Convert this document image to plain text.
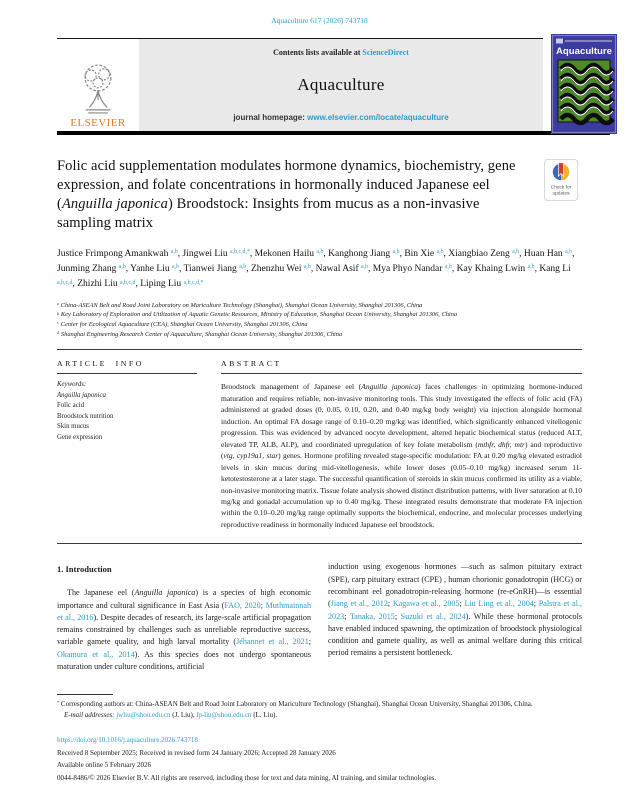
Aquaculture 617 (2026) 743718
ELSEVIER
Contents lists available at ScienceDirect
Aquaculture
journal homepage: www.elsevier.com/locate/aquaculture
Aquaculture
Folic acid supplementation modulates hormone dynamics, biochemistry, gene expression, and folate concentrations in hormonally induced Japanese eel (Anguilla japonica) Broodstock: Insights from mucus as a non-invasive sampling matrix
Check for
updates
Justice Frimpong Amankwah $^{a,b}$, Jingwei Liu $^{a,b,c,d,*}$, Mekonen Hailu $^{a,b}$, Kanghong Jiang $^{a,b}$, Bin Xie $^{a,b}$, Xiangbiao Zeng $^{a,b}$, Huan Han $^{a,b}$, Junming Zhang $^{a,b}$, Yanhe Liu $^{a,b}$, Tianwei Jiang $^{a,b}$, Zhenzhu Wei $^{a,b}$, Nawal Asif $^{a,b}$, Mya Phyo Nandar $^{a,b}$, Kay Khaing Lwin $^{a,b}$, Kang Li $^{a,b,c,d}$, Zhizhi Liu $^{a,b,c,d}$, Liping Liu $^{a,b,c,d,*}$
$^a$ China-ASEAN Belt and Road Joint Laboratory on Mariculture Technology (Shanghai), Shanghai Ocean University, Shanghai 201306, China
$^b$ Key Laboratory of Exploration and Utilization of Aquatic Genetic Resources, Ministry of Education, Shanghai Ocean University, Shanghai 201306, China
$^c$ Center for Ecological Aquaculture (CEA), Shanghai Ocean University, Shanghai 201306, China
$^d$ Shanghai Engineering Research Center of Aquaculture, Shanghai Ocean University, Shanghai 201306, China
ARTICLE INFO
Keywords:
Anguilla japonica
Folic acid
Broodstock nutrition
Skin mucus
Gene expression
ABSTRACT
Broodstock management of Japanese eel (Anguilla japonica) faces challenges in optimizing hormone-induced maturation and requires reliable, non-invasive monitoring tools. This study investigated the effects of folic acid (FA) administered at graded doses (0, 0.05, 0.10, 0.20, and 0.40 mg/kg body weight) via injection alongside hormonal induction. An optimal FA dosage range of 0.10–0.20 mg/kg was identified, which significantly enhanced vitellogenic progression. This was evidenced by advanced oocyte development, altered hepatic biochemical status (reduced ALT, elevated TP, ALB, ALP), and coordinated upregulation of key folate metabolism (mthfr, dhfr, mtr) and reproductive (vtg, cyp19a1, star) genes. Hormone profiling revealed stage-specific modulation: FA at 0.20 mg/kg elevated estradiol levels in skin mucus during mid-vitellogenesis, while lower doses (0.05–0.10 mg/kg) increased serum 11-ketotestosterone at a later stage. The successful quantification of steroids in skin mucus confirmed its utility as a viable, non-invasive monitoring matrix. Tissue folate analysis showed distinct distribution patterns, with liver saturation at 0.10 mg/kg and gonadal accumulation up to 0.40 mg/kg. These integrated results demonstrate that moderate FA injection within the 0.10–0.20 mg/kg range optimally supports the biochemical, endocrine, and molecular processes underlying reproductive readiness in hormonally induced Japanese eel broodstock.
1. Introduction
The Japanese eel (Anguilla japonica) is a species of high economic importance and cultural significance in East Asia (FAO, 2020; Muthmainnah et al., 2016). Despite decades of research, its large-scale artificial propagation remains constrained by challenges such as unreliable reproductive success, variable gamete quality, and high larval mortality (Jéhannet et al., 2021; Okamura et al., 2014). As this species does not undergo spontaneous maturation under culture conditions, artificial
induction using exogenous hormones —such as salmon pituitary extract (SPE), carp pituitary extract (CPE) , human chorionic gonadotropin (HCG) or recombinant eel gonadotropin-releasing hormone (re-eGnRH)—is essential (Jiang et al., 2012; Kagawa et al., 2005; Liu Ling et al., 2004; Palstra et al., 2023; Tanaka, 2015; Suzuki et al., 2024). While these hormonal protocols have enabled induced spawning, the optimization of broodstock physiological condition and gamete quality, as well as animal welfare during this critical period remains a persistent bottleneck.
* Corresponding authors at: China-ASEAN Belt and Road Joint Laboratory on Mariculture Technology (Shanghai), Shanghai Ocean University, Shanghai 201306, China.
E-mail addresses: jwliu@shou.edu.cn (J. Liu), lp-liu@shou.edu.cn (L. Liu).
https://doi.org/10.1016/j.aquaculture.2026.743718
Received 8 September 2025; Received in revised form 24 January 2026; Accepted 28 January 2026
Available online 5 February 2026
0044-8486/© 2026 Elsevier B.V. All rights are reserved, including those for text and data mining, AI training, and similar technologies.
